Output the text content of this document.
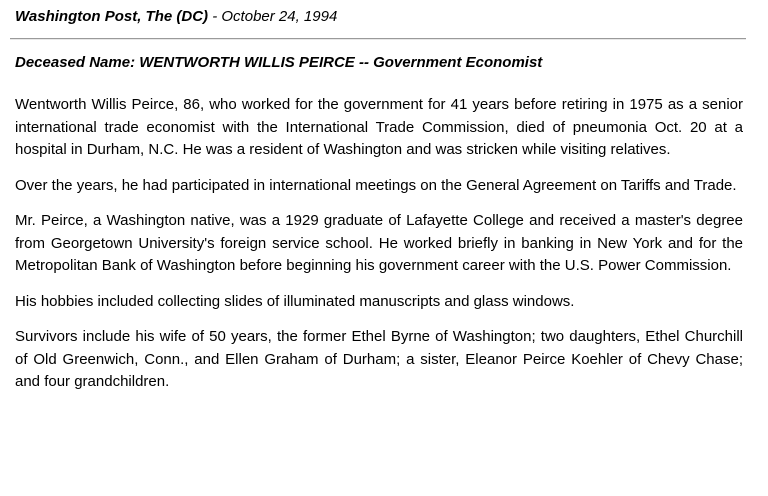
Washington Post, The (DC) - October 24, 1994
Deceased Name: WENTWORTH WILLIS PEIRCE -- Government Economist

Wentworth Willis Peirce, 86, who worked for the government for 41 years before retiring in 1975 as a senior international trade economist with the International Trade Commission, died of pneumonia Oct. 20 at a hospital in Durham, N.C. He was a resident of Washington and was stricken while visiting relatives.

Over the years, he had participated in international meetings on the General Agreement on Tariffs and Trade.

Mr. Peirce, a Washington native, was a 1929 graduate of Lafayette College and received a master's degree from Georgetown University's foreign service school. He worked briefly in banking in New York and for the Metropolitan Bank of Washington before beginning his government career with the U.S. Power Commission.

His hobbies included collecting slides of illuminated manuscripts and glass windows.

Survivors include his wife of 50 years, the former Ethel Byrne of Washington; two daughters, Ethel Churchill of Old Greenwich, Conn., and Ellen Graham of Durham; a sister, Eleanor Peirce Koehler of Chevy Chase; and four grandchildren.
